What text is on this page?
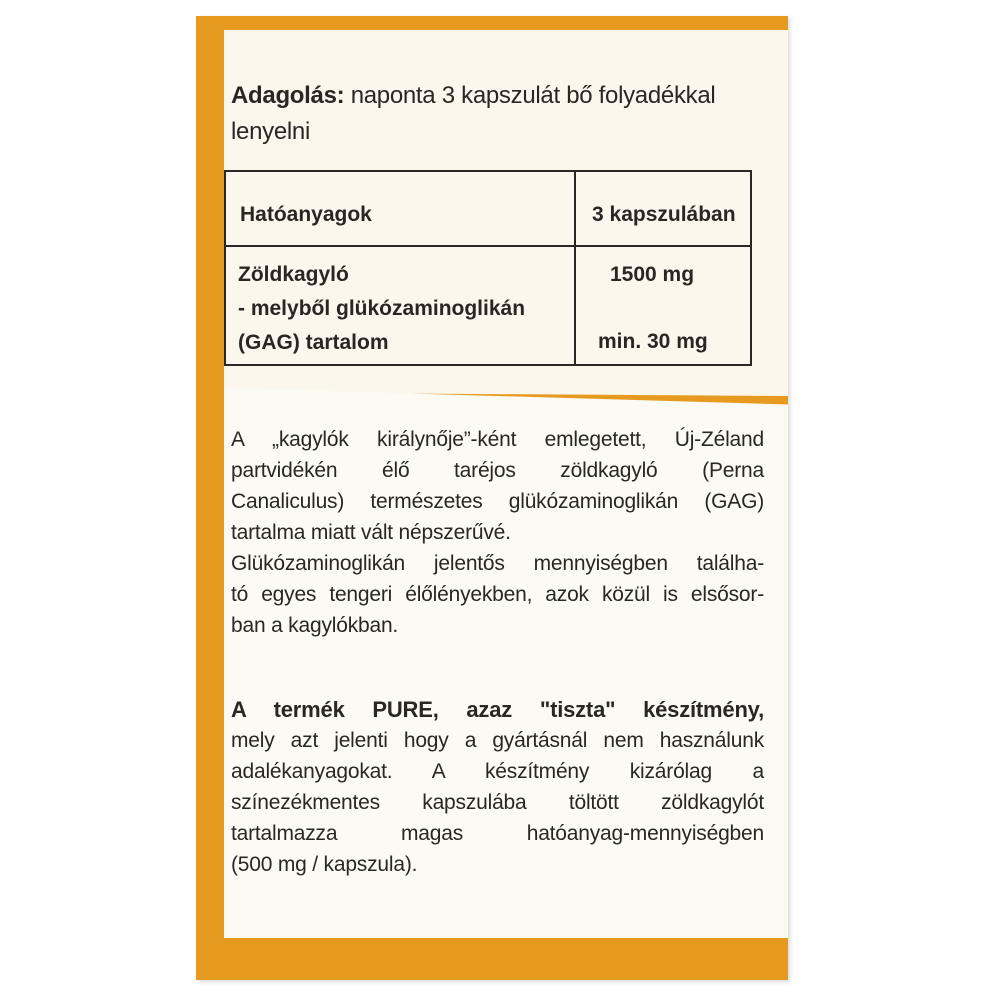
Adagolás: naponta 3 kapszulát bő folyadékkal
lenyelni
Hatóanyagok	3 kapszulában
Zöldkagyló
- melyből glükózaminoglikán
(GAG) tartalom
1500 mg
min. 30 mg
A „kagylók királynője”-ként emlegetett, Új-Zéland
partvidékén élő taréjos zöldkagyló (Perna
Canaliculus) természetes glükózaminoglikán (GAG)
tartalma miatt vált népszerűvé.
Glükózaminoglikán jelentős mennyiségben találha-
tó egyes tengeri élőlényekben, azok közül is elsősor-
ban a kagylókban.
A termék PURE, azaz "tiszta" készítmény,
mely azt jelenti hogy a gyártásnál nem használunk
adalékanyagokat. A készítmény kizárólag a
színezékmentes kapszulába töltött zöldkagylót
tartalmazza magas hatóanyag-mennyiségben
(500 mg / kapszula).
